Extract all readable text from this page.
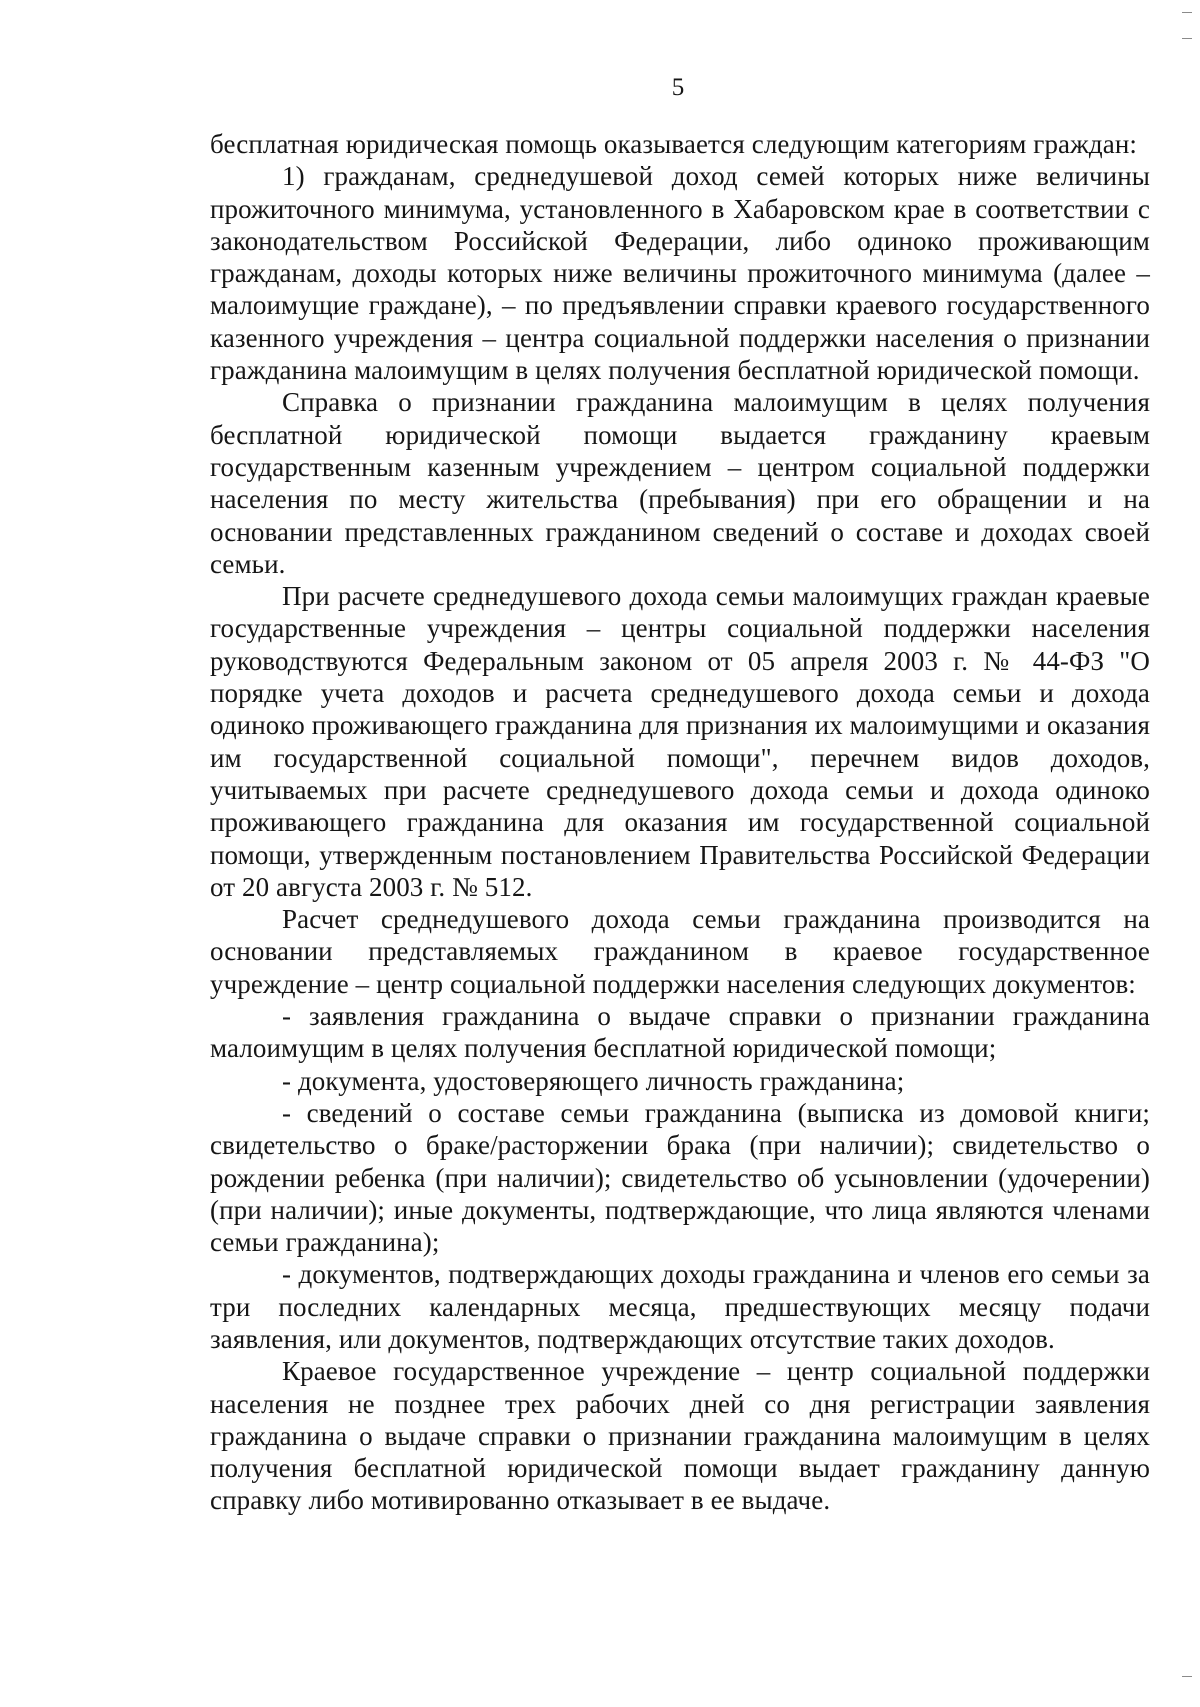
5

бесплатная юридическая помощь оказывается следующим категориям граждан:

1) гражданам, среднедушевой доход семей которых ниже величины прожиточного минимума, установленного в Хабаровском крае в соответствии с законодательством Российской Федерации, либо одиноко проживающим гражданам, доходы которых ниже величины прожиточного минимума (далее – малоимущие граждане), – по предъявлении справки краевого государственного казенного учреждения – центра социальной поддержки населения о признании гражданина малоимущим в целях получения бесплатной юридической помощи.

Справка о признании гражданина малоимущим в целях получения бесплатной юридической помощи выдается гражданину краевым государственным казенным учреждением – центром социальной поддержки населения по месту жительства (пребывания) при его обращении и на основании представленных гражданином сведений о составе и доходах своей семьи.

При расчете среднедушевого дохода семьи малоимущих граждан краевые государственные учреждения – центры социальной поддержки населения руководствуются Федеральным законом от 05 апреля 2003 г. № 44-ФЗ "О порядке учета доходов и расчета среднедушевого дохода семьи и дохода одиноко проживающего гражданина для признания их малоимущими и оказания им государственной социальной помощи", перечнем видов доходов, учитываемых при расчете среднедушевого дохода семьи и дохода одиноко проживающего гражданина для оказания им государственной социальной помощи, утвержденным постановлением Правительства Российской Федерации от 20 августа 2003 г. № 512.

Расчет среднедушевого дохода семьи гражданина производится на основании представляемых гражданином в краевое государственное учреждение – центр социальной поддержки населения следующих документов:

- заявления гражданина о выдаче справки о признании гражданина малоимущим в целях получения бесплатной юридической помощи;

- документа, удостоверяющего личность гражданина;

- сведений о составе семьи гражданина (выписка из домовой книги; свидетельство о браке/расторжении брака (при наличии); свидетельство о рождении ребенка (при наличии); свидетельство об усыновлении (удочерении) (при наличии); иные документы, подтверждающие, что лица являются членами семьи гражданина);

- документов, подтверждающих доходы гражданина и членов его семьи за три последних календарных месяца, предшествующих месяцу подачи заявления, или документов, подтверждающих отсутствие таких доходов.

Краевое государственное учреждение – центр социальной поддержки населения не позднее трех рабочих дней со дня регистрации заявления гражданина о выдаче справки о признании гражданина малоимущим в целях получения бесплатной юридической помощи выдает гражданину данную справку либо мотивированно отказывает в ее выдаче.
